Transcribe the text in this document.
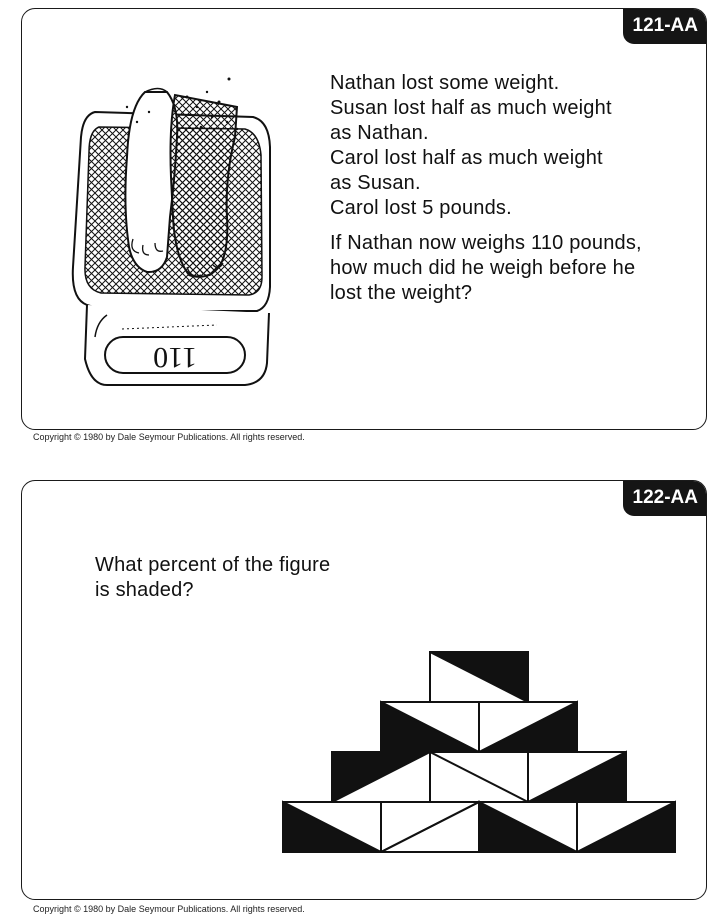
121-AA
110
Nathan lost some weight.
Susan lost half as much weight
as Nathan.
Carol lost half as much weight
as Susan.
Carol lost 5 pounds.
If Nathan now weighs 110 pounds,
how much did he weigh before he
lost the weight?
Copyright © 1980 by Dale Seymour Publications. All rights reserved.
122-AA
What percent of the figure
is shaded?
Copyright © 1980 by Dale Seymour Publications. All rights reserved.
